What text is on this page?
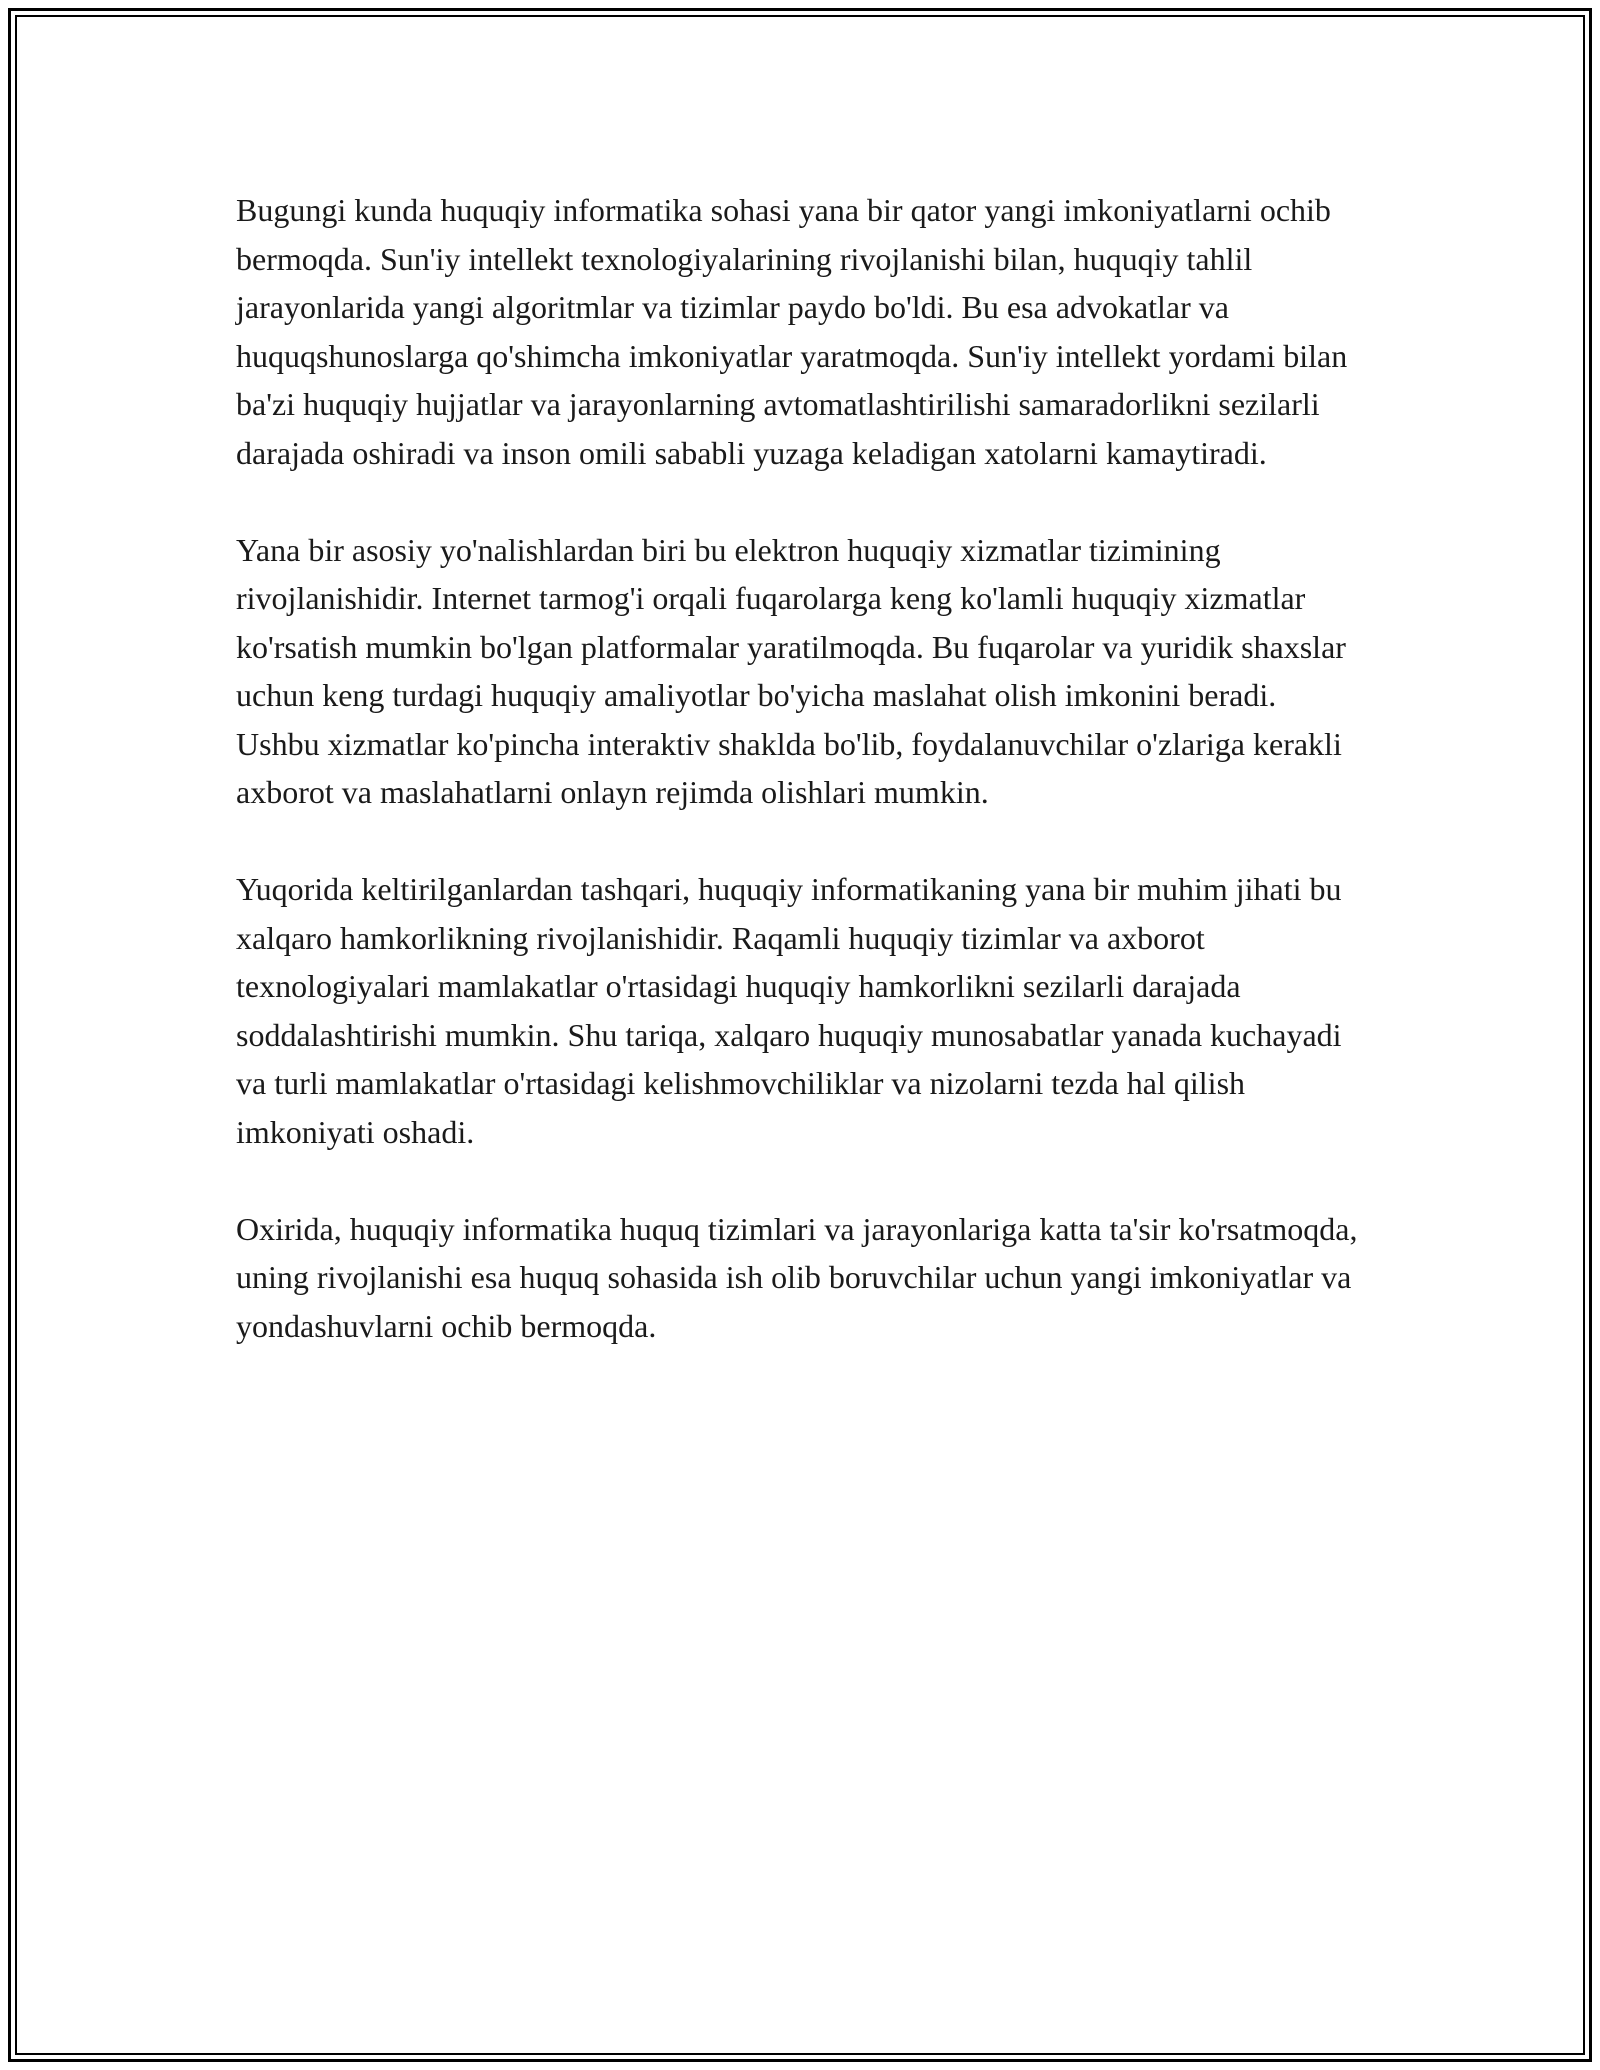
Bugungi kunda huquqiy informatika sohasi yana bir qator yangi imkoniyatlarni ochib bermoqda. Sun'iy intellekt texnologiyalarining rivojlanishi bilan, huquqiy tahlil jarayonlarida yangi algoritmlar va tizimlar paydo bo'ldi. Bu esa advokatlar va huquqshunoslarga qo'shimcha imkoniyatlar yaratmoqda. Sun'iy intellekt yordami bilan ba'zi huquqiy hujjatlar va jarayonlarning avtomatlashtirilishi samaradorlikni sezilarli darajada oshiradi va inson omili sababli yuzaga keladigan xatolarni kamaytiradi.

Yana bir asosiy yo'nalishlardan biri bu elektron huquqiy xizmatlar tizimining rivojlanishidir. Internet tarmog'i orqali fuqarolarga keng ko'lamli huquqiy xizmatlar ko'rsatish mumkin bo'lgan platformalar yaratilmoqda. Bu fuqarolar va yuridik shaxslar uchun keng turdagi huquqiy amaliyotlar bo'yicha maslahat olish imkonini beradi. Ushbu xizmatlar ko'pincha interaktiv shaklda bo'lib, foydalanuvchilar o'zlariga kerakli axborot va maslahatlarni onlayn rejimda olishlari mumkin.

Yuqorida keltirilganlardan tashqari, huquqiy informatikaning yana bir muhim jihati bu xalqaro hamkorlikning rivojlanishidir. Raqamli huquqiy tizimlar va axborot texnologiyalari mamlakatlar o'rtasidagi huquqiy hamkorlikni sezilarli darajada soddalashtirishi mumkin. Shu tariqa, xalqaro huquqiy munosabatlar yanada kuchayadi va turli mamlakatlar o'rtasidagi kelishmovchiliklar va nizolarni tezda hal qilish imkoniyati oshadi.

Oxirida, huquqiy informatika huquq tizimlari va jarayonlariga katta ta'sir ko'rsatmoqda, uning rivojlanishi esa huquq sohasida ish olib boruvchilar uchun yangi imkoniyatlar va yondashuvlarni ochib bermoqda.
